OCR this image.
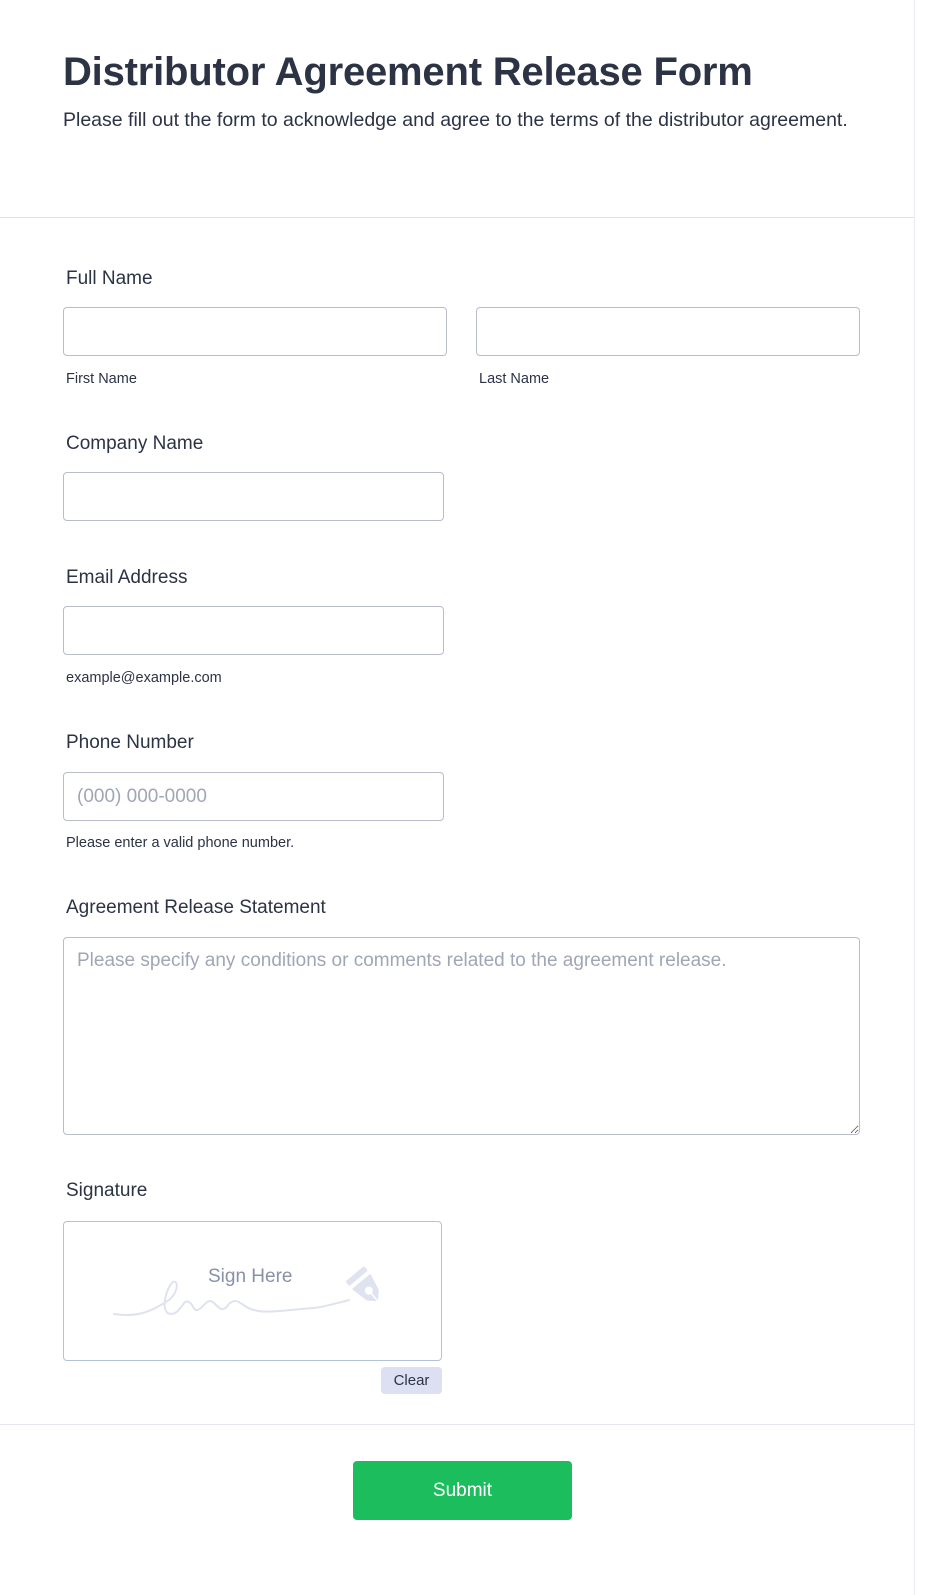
Distributor Agreement Release Form

Please fill out the form to acknowledge and agree to the terms of the distributor agreement.

Full Name
First Name	Last Name
Company Name
Email Address
example@example.com
Phone Number
(000) 000-0000
Please enter a valid phone number.
Agreement Release Statement
Please specify any conditions or comments related to the agreement release.
Signature
Sign Here
Clear
Submit
